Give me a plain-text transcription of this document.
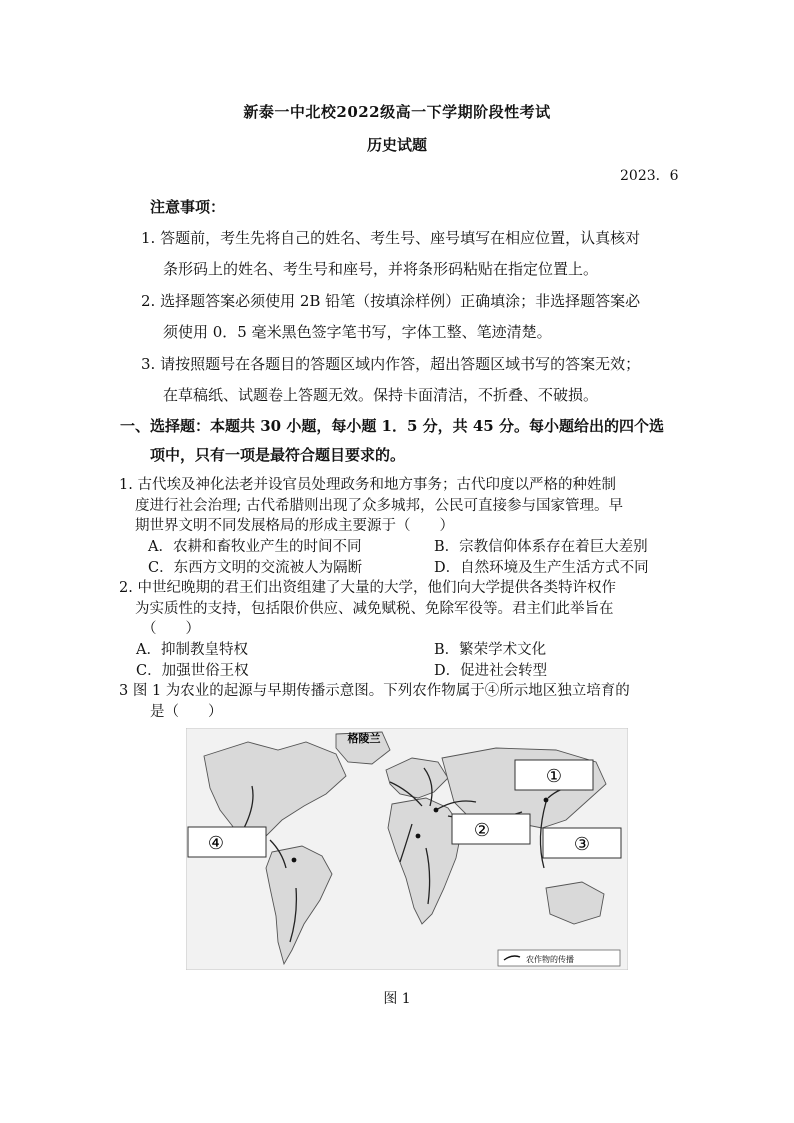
新泰一中北校2022级高一下学期阶段性考试
历史试题
2023．6
注意事项：
1. 答题前，考生先将自己的姓名、考生号、座号填写在相应位置，认真核对
条形码上的姓名、考生号和座号，并将条形码粘贴在指定位置上。
2. 选择题答案必须使用 2B 铅笔（按填涂样例）正确填涂；非选择题答案必
须使用 0．5 毫米黑色签字笔书写，字体工整、笔迹清楚。
3. 请按照题号在各题目的答题区域内作答，超出答题区域书写的答案无效；
在草稿纸、试题卷上答题无效。保持卡面清洁，不折叠、不破损。
一、选择题：本题共 30 小题，每小题 1．5 分，共 45 分。每小题给出的四个选
项中，只有一项是最符合题目要求的。
1. 古代埃及神化法老并设官员处理政务和地方事务；古代印度以严格的种姓制
度进行社会治理; 古代希腊则出现了众多城邦，公民可直接参与国家管理。早
期世界文明不同发展格局的形成主要源于（　　）
A．农耕和畜牧业产生的时间不同	B．宗教信仰体系存在着巨大差别
C．东西方文明的交流被人为隔断	D．自然环境及生产生活方式不同
2. 中世纪晚期的君王们出资组建了大量的大学，他们向大学提供各类特许权作
为实质性的支持，包括限价供应、减免赋税、免除军役等。君主们此举旨在
（　　）
A．抑制教皇特权	B．繁荣学术文化
C．加强世俗王权	D．促进社会转型
3 图 1 为农业的起源与早期传播示意图。下列农作物属于④所示地区独立培育的
是（　　）
①
②
③
④
格陵兰
农作物的传播
图 1
